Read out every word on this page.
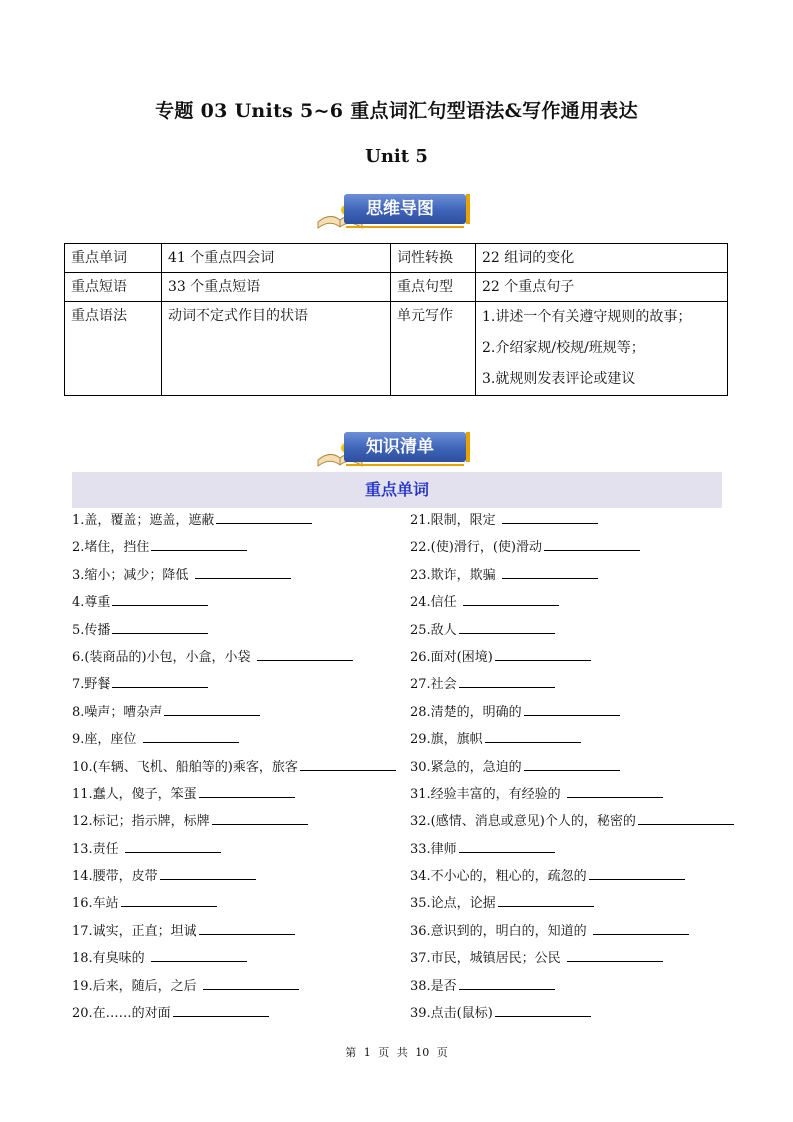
专题 03 Units 5~6 重点词汇句型语法&写作通用表达
Unit 5
思维导图
重点单词	41 个重点四会词	词性转换	22 组词的变化
重点短语	33 个重点短语	重点句型	22 个重点句子
重点语法	动词不定式作目的状语	单元写作	1.讲述一个有关遵守规则的故事；
2.介绍家规/校规/班规等；
3.就规则发表评论或建议
知识清单
重点单词
1.盖，覆盖；遮盖，遮蔽	21.限制，限定
2.堵住，挡住	22.(使)滑行，(使)滑动
3.缩小；减少；降低	23.欺诈，欺骗
4.尊重	24.信任
5.传播	25.敌人
6.(装商品的)小包，小盒，小袋	26.面对(困境)
7.野餐	27.社会
8.噪声；嘈杂声	28.清楚的，明确的
9.座，座位	29.旗，旗帜
10.(车辆、飞机、船舶等的)乘客，旅客	30.紧急的，急迫的
11.蠢人，傻子，笨蛋	31.经验丰富的，有经验的
12.标记；指示牌，标牌	32.(感情、消息或意见)个人的，秘密的
13.责任	33.律师
14.腰带，皮带	34.不小心的，粗心的，疏忽的
16.车站	35.论点，论据
17.诚实，正直；坦诚	36.意识到的，明白的，知道的
18.有臭味的	37.市民，城镇居民；公民
19.后来，随后，之后	38.是否
20.在……的对面	39.点击(鼠标)
第 1 页 共 10 页
